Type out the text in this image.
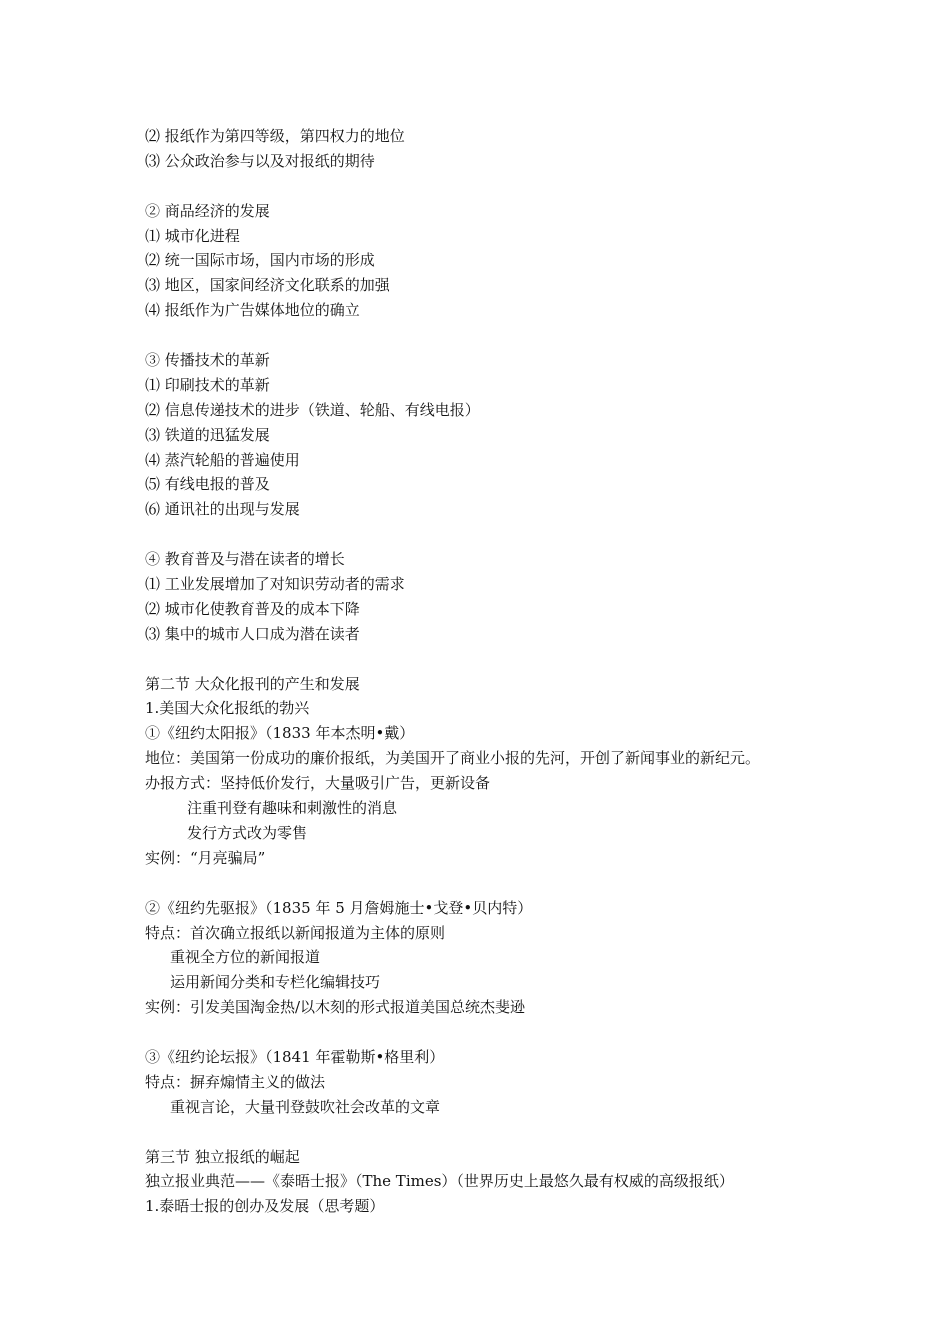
⑵ 报纸作为第四等级，第四权力的地位
⑶ 公众政治参与以及对报纸的期待
② 商品经济的发展
⑴ 城市化进程
⑵ 统一国际市场，国内市场的形成
⑶ 地区，国家间经济文化联系的加强
⑷ 报纸作为广告媒体地位的确立
③ 传播技术的革新
⑴ 印刷技术的革新
⑵ 信息传递技术的进步（铁道、轮船、有线电报）
⑶ 铁道的迅猛发展
⑷ 蒸汽轮船的普遍使用
⑸ 有线电报的普及
⑹ 通讯社的出现与发展
④ 教育普及与潜在读者的增长
⑴ 工业发展增加了对知识劳动者的需求
⑵ 城市化使教育普及的成本下降
⑶ 集中的城市人口成为潜在读者
第二节 大众化报刊的产生和发展
1.美国大众化报纸的勃兴
①《纽约太阳报》（1833 年本杰明•戴）
地位：美国第一份成功的廉价报纸，为美国开了商业小报的先河，开创了新闻事业的新纪元。
办报方式：坚持低价发行，大量吸引广告，更新设备
注重刊登有趣味和刺激性的消息
发行方式改为零售
实例：“月亮骗局”
②《纽约先驱报》（1835 年 5 月詹姆施士•戈登•贝内特）
特点：首次确立报纸以新闻报道为主体的原则
重视全方位的新闻报道
运用新闻分类和专栏化编辑技巧
实例：引发美国淘金热/以木刻的形式报道美国总统杰斐逊
③《纽约论坛报》（1841 年霍勒斯•格里利）
特点：摒弃煽情主义的做法
重视言论，大量刊登鼓吹社会改革的文章
第三节 独立报纸的崛起
独立报业典范——《泰晤士报》（The Times）（世界历史上最悠久最有权威的高级报纸）
1.泰晤士报的创办及发展（思考题）
